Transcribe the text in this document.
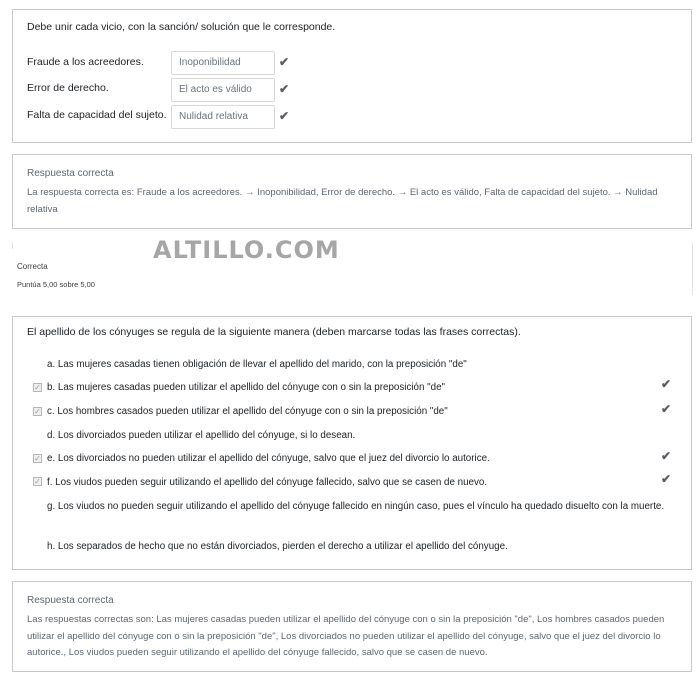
Debe unir cada vicio, con la sanción/ solución que le corresponde.
Fraude a los acreedores.	Inoponibilidad	✔
Error de derecho.	El acto es válido	✔
Falta de capacidad del sujeto.	Nulidad relativa	✔
Respuesta correcta
La respuesta correcta es: Fraude a los acreedores. → Inoponibilidad, Error de derecho. → El acto es válido, Falta de capacidad del sujeto. → Nulidad relativa
ALTILLO.COM
Correcta
Puntúa 5,00 sobre 5,00
El apellido de los cónyuges se regula de la siguiente manera (deben marcarse todas las frases correctas).
a. Las mujeres casadas tienen obligación de llevar el apellido del marido, con la preposición "de"
✓ b. Las mujeres casadas pueden utilizar el apellido del cónyuge con o sin la preposición "de"	✔
✓ c. Los hombres casados pueden utilizar el apellido del cónyuge con o sin la preposición "de"	✔
d. Los divorciados pueden utilizar el apellido del cónyuge, si lo desean.
✓ e. Los divorciados no pueden utilizar el apellido del cónyuge, salvo que el juez del divorcio lo autorice.	✔
✓ f. Los viudos pueden seguir utilizando el apellido del cónyuge fallecido, salvo que se casen de nuevo.	✔
g. Los viudos no pueden seguir utilizando el apellido del cónyuge fallecido en ningún caso, pues el vínculo ha quedado disuelto con la muerte.
h. Los separados de hecho que no están divorciados, pierden el derecho a utilizar el apellido del cónyuge.
Respuesta correcta
Las respuestas correctas son: Las mujeres casadas pueden utilizar el apellido del cónyuge con o sin la preposición "de", Los hombres casados pueden utilizar el apellido del cónyuge con o sin la preposición "de", Los divorciados no pueden utilizar el apellido del cónyuge, salvo que el juez del divorcio lo autorice., Los viudos pueden seguir utilizando el apellido del cónyuge fallecido, salvo que se casen de nuevo.
